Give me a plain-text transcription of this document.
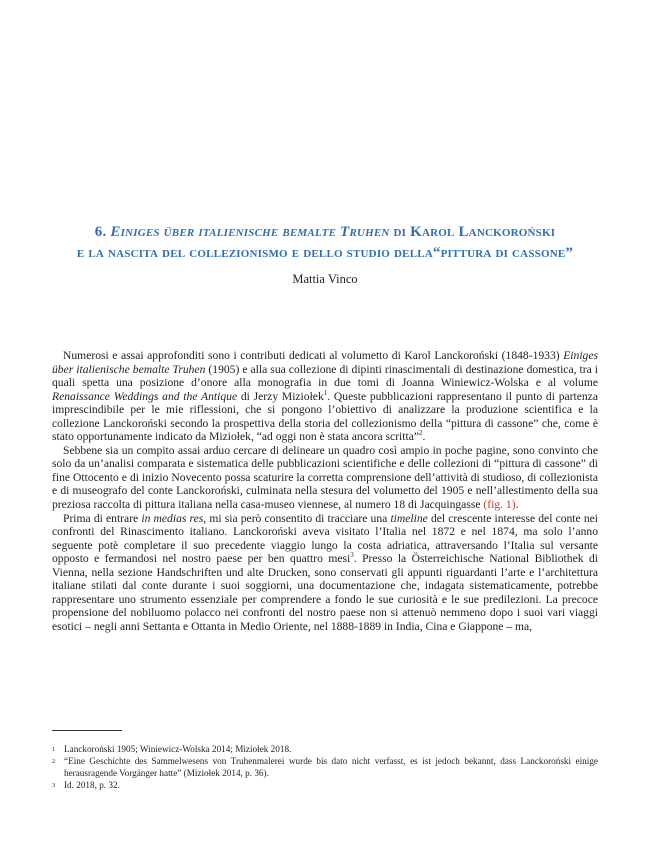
6. Einiges über italienische bemalte Truhen di Karol Lanckoroński
e la nascita del collezionismo e dello studio della“pittura di cassone”
Mattia Vinco

Numerosi e assai approfonditi sono i contributi dedicati al volumetto di Karol Lanckoroński (1848-1933) Einiges über italienische bemalte Truhen (1905) e alla sua collezione di dipinti rinascimentali di destinazione domestica, tra i quali spetta una posizione d’onore alla monografia in due tomi di Joanna Winiewicz-Wolska e al volume Renaissance Weddings and the Antique di Jerzy Miziołek$^1$. Queste pubblicazioni rappresentano il punto di partenza imprescindibile per le mie riflessioni, che si pongono l’obiettivo di analizzare la produzione scientifica e la collezione Lanckoroński secondo la prospettiva della storia del collezionismo della “pittura di cassone” che, come è stato opportunamente indicato da Miziołek, “ad oggi non è stata ancora scritta”$^2$.

Sebbene sia un compito assai arduo cercare di delineare un quadro così ampio in poche pagine, sono convinto che solo da un’analisi comparata e sistematica delle pubblicazioni scientifiche e delle collezioni di “pittura di cassone” di fine Ottocento e di inizio Novecento possa scaturire la corretta comprensione dell’attività di studioso, di collezionista e di museografo del conte Lanckoroński, culminata nella stesura del volumetto del 1905 e nell’allestimento della sua preziosa raccolta di pittura italiana nella casa-museo viennese, al numero 18 di Jacquingasse (fig. 1).

Prima di entrare in medias res, mi sia però consentito di tracciare una timeline del crescente interesse del conte nei confronti del Rinascimento italiano. Lanckoroński aveva visitato l’Italia nel 1872 e nel 1874, ma solo l’anno seguente potè completare il suo precedente viaggio lungo la costa adriatica, attraversando l’Italia sul versante opposto e fermandosi nel nostro paese per ben quattro mesi$^3$. Presso la Österreichische National Bibliothek di Vienna, nella sezione Handschriften und alte Drucken, sono conservati gli appunti riguardanti l’arte e l’architettura italiane stilati dal conte durante i suoi soggiorni, una documentazione che, indagata sistematicamente, potrebbe rappresentare uno strumento essenziale per comprendere a fondo le sue curiosità e le sue predilezioni. La precoce propensione del nobiluomo polacco nei confronti del nostro paese non si attenuò nemmeno dopo i suoi vari viaggi esotici – negli anni Settanta e Ottanta in Medio Oriente, nel 1888-1889 in India, Cina e Giappone – ma,

1 Lanckoroński 1905; Winiewicz-Wolska 2014; Miziołek 2018.
2 “Eine Geschichte des Sammelwesens von Truhenmalerei wurde bis dato nicht verfasst, es ist jedoch bekannt, dass Lanckoroński einige herausragende Vorgänger hatte” (Miziołek 2014, p. 36).
3 Id. 2018, p. 32.
